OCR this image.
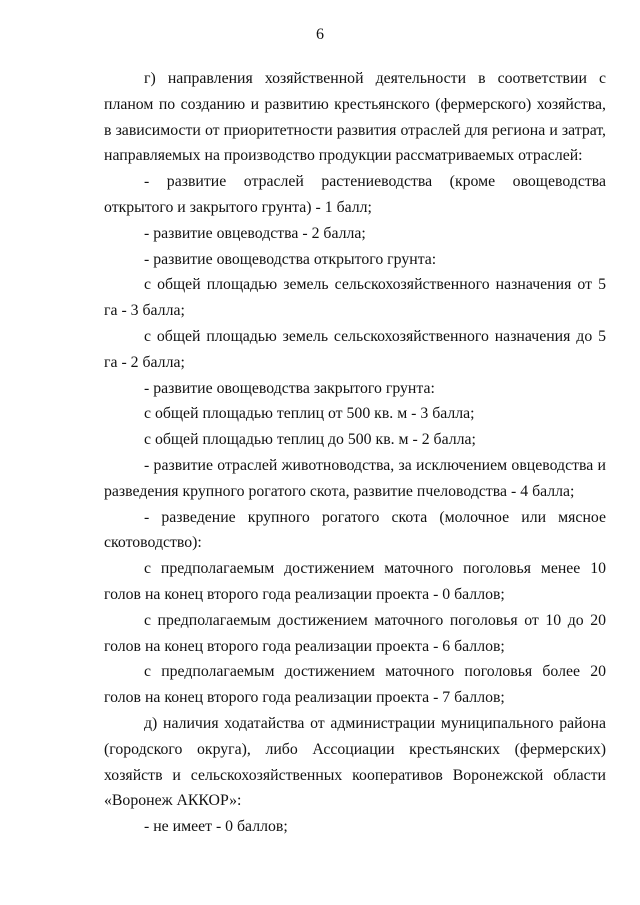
6

г) направления хозяйственной деятельности в соответствии с планом по созданию и развитию крестьянского (фермерского) хозяйства, в зависимости от приоритетности развития отраслей для региона и затрат, направляемых на производство продукции рассматриваемых отраслей:

- развитие отраслей растениеводства (кроме овощеводства открытого и закрытого грунта) - 1 балл;

- развитие овцеводства - 2 балла;

- развитие овощеводства открытого грунта:

с общей площадью земель сельскохозяйственного назначения от 5 га - 3 балла;

с общей площадью земель сельскохозяйственного назначения до 5 га - 2 балла;

- развитие овощеводства закрытого грунта:

с общей площадью теплиц от 500 кв. м - 3 балла;

с общей площадью теплиц до 500 кв. м - 2 балла;

- развитие отраслей животноводства, за исключением овцеводства и разведения крупного рогатого скота, развитие пчеловодства - 4 балла;

- разведение крупного рогатого скота (молочное или мясное скотоводство):

с предполагаемым достижением маточного поголовья менее 10 голов на конец второго года реализации проекта - 0 баллов;

с предполагаемым достижением маточного поголовья от 10 до 20 голов на конец второго года реализации проекта - 6 баллов;

с предполагаемым достижением маточного поголовья более 20 голов на конец второго года реализации проекта - 7 баллов;

д) наличия ходатайства от администрации муниципального района (городского округа), либо Ассоциации крестьянских (фермерских) хозяйств и сельскохозяйственных кооперативов Воронежской области «Воронеж АККОР»:

- не имеет - 0 баллов;
